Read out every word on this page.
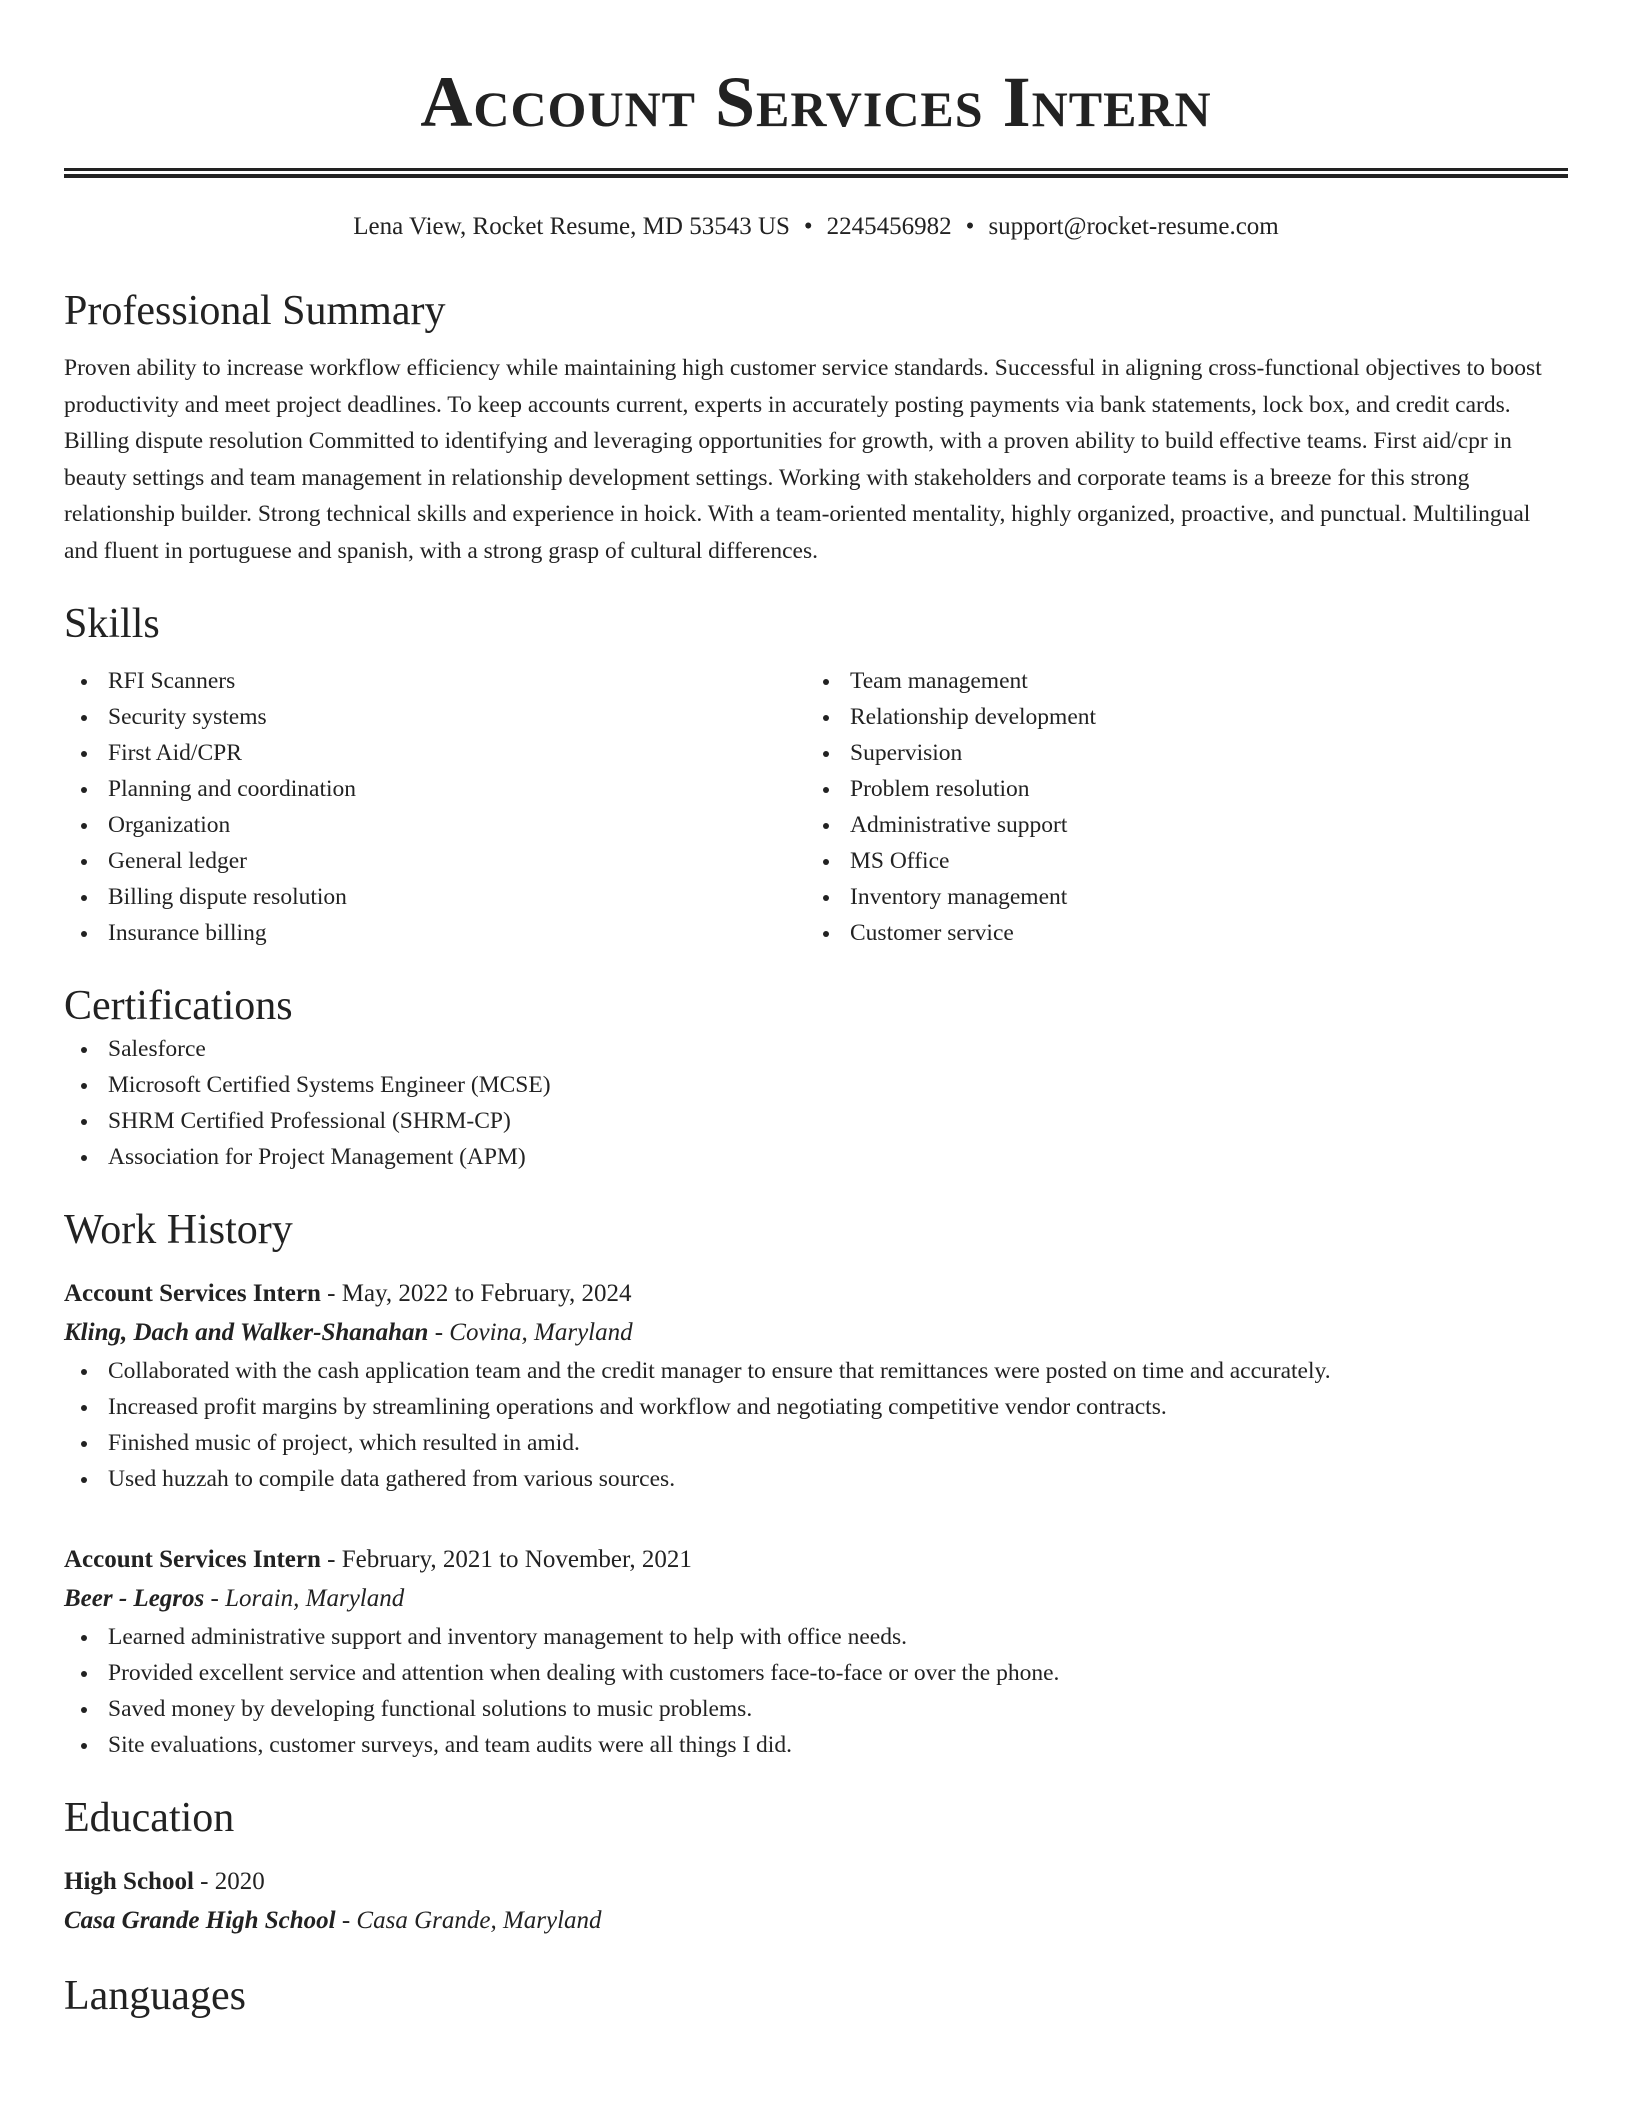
Account Services Intern
Lena View, Rocket Resume, MD 53543 US • 2245456982 • support@rocket-resume.com
Professional Summary

Proven ability to increase workflow efficiency while maintaining high customer service standards. Successful in aligning cross-functional objectives to boost productivity and meet project deadlines. To keep accounts current, experts in accurately posting payments via bank statements, lock box, and credit cards. Billing dispute resolution Committed to identifying and leveraging opportunities for growth, with a proven ability to build effective teams. First aid/cpr in beauty settings and team management in relationship development settings. Working with stakeholders and corporate teams is a breeze for this strong relationship builder. Strong technical skills and experience in hoick. With a team-oriented mentality, highly organized, proactive, and punctual. Multilingual and fluent in portuguese and spanish, with a strong grasp of cultural differences.

Skills
RFI Scanners
Security systems
First Aid/CPR
Planning and coordination
Organization
General ledger
Billing dispute resolution
Insurance billing
Team management
Relationship development
Supervision
Problem resolution
Administrative support
MS Office
Inventory management
Customer service
Certifications
Salesforce
Microsoft Certified Systems Engineer (MCSE)
SHRM Certified Professional (SHRM-CP)
Association for Project Management (APM)
Work History
Account Services Intern - May, 2022 to February, 2024
Kling, Dach and Walker-Shanahan - Covina, Maryland
Collaborated with the cash application team and the credit manager to ensure that remittances were posted on time and accurately.
Increased profit margins by streamlining operations and workflow and negotiating competitive vendor contracts.
Finished music of project, which resulted in amid.
Used huzzah to compile data gathered from various sources.
Account Services Intern - February, 2021 to November, 2021
Beer - Legros - Lorain, Maryland
Learned administrative support and inventory management to help with office needs.
Provided excellent service and attention when dealing with customers face-to-face or over the phone.
Saved money by developing functional solutions to music problems.
Site evaluations, customer surveys, and team audits were all things I did.
Education
High School - 2020
Casa Grande High School - Casa Grande, Maryland
Languages
